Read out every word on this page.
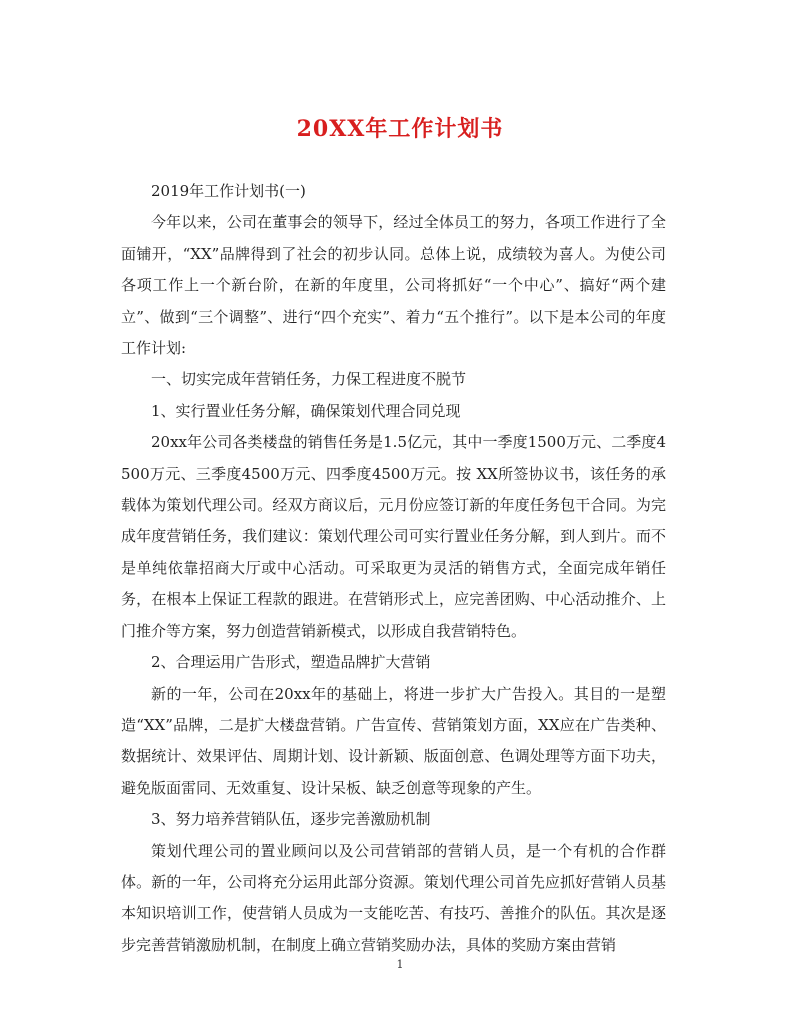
20XX年工作计划书

2019年工作计划书(一)

今年以来，公司在董事会的领导下，经过全体员工的努力，各项工作进行了全面铺开，“XX”品牌得到了社会的初步认同。总体上说，成绩较为喜人。为使公司各项工作上一个新台阶，在新的年度里，公司将抓好“一个中心”、搞好“两个建立”、做到“三个调整”、进行“四个充实”、着力“五个推行”。以下是本公司的年度工作计划:

一、切实完成年营销任务，力保工程进度不脱节

1、实行置业任务分解，确保策划代理合同兑现

20xx年公司各类楼盘的销售任务是1.5亿元，其中一季度1500万元、二季度4500万元、三季度4500万元、四季度4500万元。按 XX所签协议书，该任务的承载体为策划代理公司。经双方商议后，元月份应签订新的年度任务包干合同。为完成年度营销任务，我们建议：策划代理公司可实行置业任务分解，到人到片。而不是单纯依靠招商大厅或中心活动。可采取更为灵活的销售方式，全面完成年销任务，在根本上保证工程款的跟进。在营销形式上，应完善团购、中心活动推介、上门推介等方案，努力创造营销新模式，以形成自我营销特色。

2、合理运用广告形式，塑造品牌扩大营销

新的一年，公司在20xx年的基础上，将进一步扩大广告投入。其目的一是塑造“XX”品牌，二是扩大楼盘营销。广告宣传、营销策划方面，XX应在广告类种、数据统计、效果评估、周期计划、设计新颖、版面创意、色调处理等方面下功夫，避免版面雷同、无效重复、设计呆板、缺乏创意等现象的产生。

3、努力培养营销队伍，逐步完善激励机制

策划代理公司的置业顾问以及公司营销部的营销人员，是一个有机的合作群体。新的一年，公司将充分运用此部分资源。策划代理公司首先应抓好营销人员基本知识培训工作，使营销人员成为一支能吃苦、有技巧、善推介的队伍。其次是逐步完善营销激励机制，在制度上确立营销奖励办法，具体的奖励方案由营销

1
